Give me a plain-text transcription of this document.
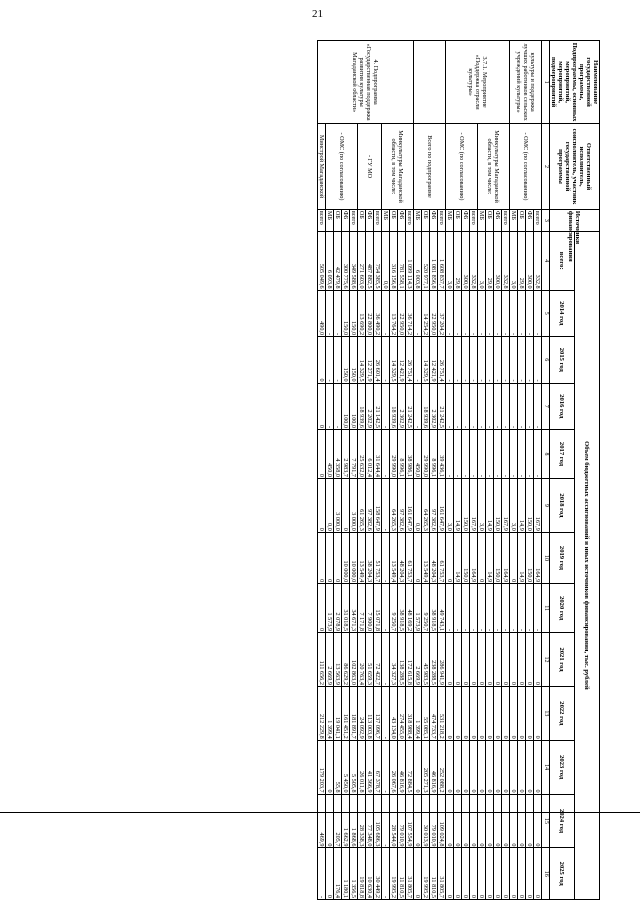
21
Наименование государственной программы, Подпрограммы, основных мероприятий, мероприятий, подмероприятий	Ответственный исполнитель, соисполнитель, участник государственной программы	Источники финансирования	Объем бюджетных ассигнований и иных источников финансирования, тыс. рублей												
			всего:	2014 год	2015 год	2016 год	2017 год	2018 год	2019 год	2020 год	2021 год	2022 год	2023 год	2024 год	2025 год
1	2	3	4	5	6	7	8	9	10	11	12	13	14	15	16
культуры и поддержка лучших работников сельских учреждений культуры»	- ОМС (по согласованию)	всего	332,8	-	-	-	-	167,9	164,9	-	0	0	0	0	0
		ФБ	300,0	-	-	-	-	150,0	150,0	-	0	0	0	0	0
		ОБ	29,8	-	-	-	-	14,9	14,9	-	0	0	0	0	0
		МБ	3,0	-	-	-	-	3,0	0	-	0	0	0	0	0
3.7.1. Мероприятие «Поддержка отрасли культуры»	Минкультуры Магаданской области, в том числе:	всего	332,8	-	-	-	-	167,9	164,9	-	0	0	0	0	0
		ФБ	300,0	-	-	-	-	150,0	150,0	-	0	0	0	0	0
		ОБ	29,8	-	-	-	-	14,9	14,9	-	0	0	0	0	0
		МБ	3,0	-	-	-	-	3,0	0	-	0	0	0	0	0
	- ОМС (по согласованию)	всего	332,8	-	-	-	-	167,9	164,9	-	0	0	0	0	0
		ФБ	300,0	-	-	-	-	150,0	150,0	-	0	0	0	0	0
		ОБ	29,8	-	-	-	-	14,9	14,9	-	0	0	0	0	0
		МБ	3,0	-	-	-	-	3,0	0	-	0	0	0	0	0
	Всего по подпрограмме	всего	1 608 837,7	37 204,2	26 751,4	21 242,5	39 436,1	161 647,9	61 753,7	49 743,1	286 941,9	531 218,2	252 088,2	109 024,8	31 805,7
		ФБ	1 081 856,8	22 950,0	12 421,9	2 302,9	8 996,1	97 382,6	48 204,3	38 918,5	238 288,5	474 733,7	46 816,9	79 010,9	11 810,5
		ОБ	520 977,1	14 254,2	14 329,5	18 939,6	29 990,0	64 265,3	13 549,4	9 250,7	45 983,5	55 085,1	205 271,3	30 013,9	19 995,2
		МБ	6 003,8	-	-	-	450,0	0,0	0	1 573,9	2 669,9	1 399,4	0	0	0
4. Подпрограмма «Государственная поддержка развития культуры Магаданской области»	Минкультуры Магаданской области, в том числе:	всего	1 099 114,3	36 714,2	26 751,4	21 242,5	38 986,1	161 647,9	61 753,7	48 169,2	172 615,8	318 988,4	72 884,5	107 554,9	31 805,7
		ФБ	781 558,1	22 950,0	12 421,9	2 302,9	8 996,1	97 382,6	48 204,3	38 918,5	138 288,5	274 455,0	46 816,9	79 010,9	11 810,5
		ОБ	316 156,8	13 764,2	14 329,5	18 939,6	29 990,0	64 265,3	13 549,4	9 250,7	34 327,3	43 134,0	26 067,6	28 544,0	19 995,2
		МБ	0,0	-	-	-	-	-	-	-	-	-	-	-	-
	- ГУ МО	всего	754 385,5	36 490,2	26 601,4	21 142,5	31 644,4	158 647,9	51 753,7	15 071,8	72 422,7	137 096,7	67 378,7	105 686,3	30 449,2
		ФБ	487 882,5	22 800,0	12 271,9	2 202,9	6 012,4	97 382,6	38 204,3	7 900,0	51 659,3	113 003,8	41 366,9	77 348,0	10 630,4
		ОБ	271 603,0	13 690,2	14 329,5	18 939,6	25 632,0	61 265,3	13 549,4	7 171,8	20 763,4	24 092,9	26 011,8	28 338,3	19 818,8
	- ОМС (по согласованию)	всего	349 588,6	150,0	150,0	100,0	7 791,7	3 000,0	10 000,0	34 671,3	102 863,0	181 891,7	5 505,8	1 868,6	1 356,5
		ФБ	300 775,6	150,0	150,0	100,0	2 983,7	0	10 000,0	31 018,5	86 629,2	161 451,2	5 450,0	1 662,9	1 180,1
		ОБ	42 479,8	-	-	-	4 358,0	3 000,0	0	2 078,9	13 563,9	19 041,1	55,8	205,7	176,4
		МБ	6 093,8	-	-	-	450,0	0,0	0	1 573,9	2 669,9	1 399,4	0	0	0
	Минстрой Магаданской	всего	505 049,6	490,0	0	0	0	0	0	0	111 656,2	212 229,8	179 203,7	469,9	-
